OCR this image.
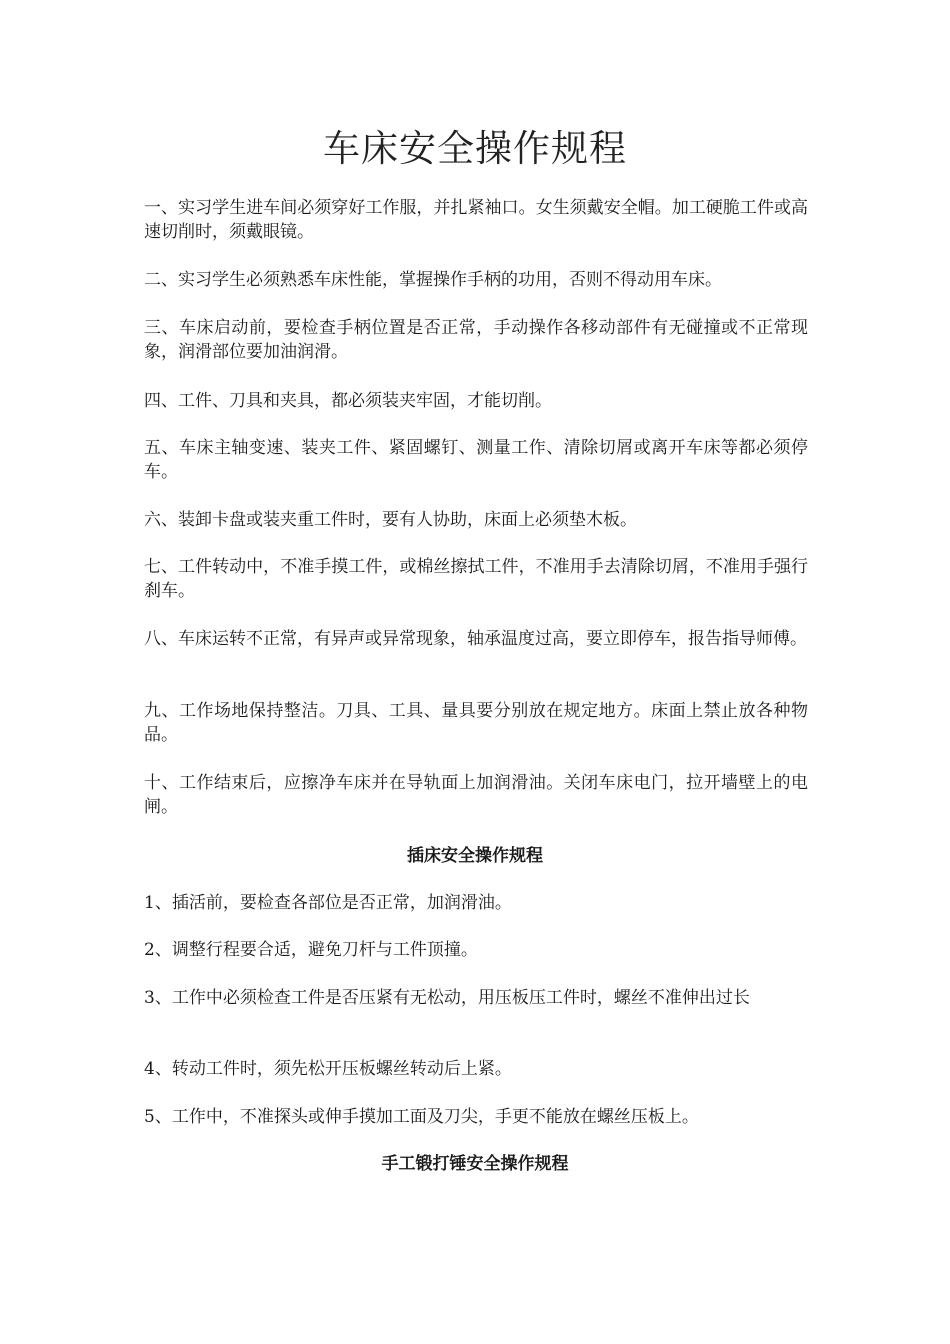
车床安全操作规程
一、实习学生进车间必须穿好工作服，并扎紧袖口。女生须戴安全帽。加工硬脆工件或高速切削时，须戴眼镜。
二、实习学生必须熟悉车床性能，掌握操作手柄的功用，否则不得动用车床。
三、车床启动前，要检查手柄位置是否正常，手动操作各移动部件有无碰撞或不正常现象，润滑部位要加油润滑。
四、工件、刀具和夹具，都必须装夹牢固，才能切削。
五、车床主轴变速、装夹工件、紧固螺钉、测量工作、清除切屑或离开车床等都必须停车。
六、装卸卡盘或装夹重工件时，要有人协助，床面上必须垫木板。
七、工件转动中，不准手摸工件，或棉丝擦拭工件，不准用手去清除切屑，不准用手强行刹车。
八、车床运转不正常，有异声或异常现象，轴承温度过高，要立即停车，报告指导师傅。
九、工作场地保持整洁。刀具、工具、量具要分别放在规定地方。床面上禁止放各种物品。
十、工作结束后，应擦净车床并在导轨面上加润滑油。关闭车床电门，拉开墙壁上的电闸。
插床安全操作规程
1、插活前，要检查各部位是否正常，加润滑油。
2、调整行程要合适，避免刀杆与工件顶撞。
3、工作中必须检查工件是否压紧有无松动，用压板压工件时，螺丝不准伸出过长
4、转动工件时，须先松开压板螺丝转动后上紧。
5、工作中，不准探头或伸手摸加工面及刀尖，手更不能放在螺丝压板上。
手工锻打锤安全操作规程
